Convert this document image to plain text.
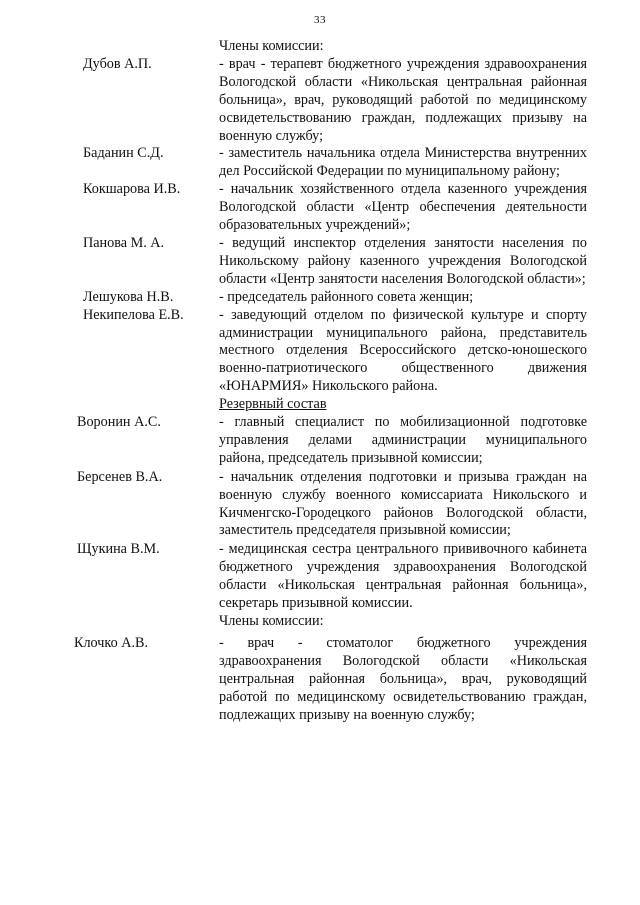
33
Члены комиссии:
Дубов А.П.	- врач - терапевт бюджетного учреждения здравоохранения Вологодской области «Никольская центральная районная больница», врач, руководящий работой по медицинскому освидетельствованию граждан, подлежащих призыву на военную службу;
Баданин С.Д.	- заместитель начальника отдела Министерства внутренних дел Российской Федерации по муниципальному району;
Кокшарова И.В.	- начальник хозяйственного отдела казенного учреждения Вологодской области «Центр обеспечения деятельности образовательных учреждений»;
Панова М. А.	- ведущий инспектор отделения занятости населения по Никольскому району казенного учреждения Вологодской области «Центр занятости населения Вологодской области»;
Лешукова Н.В.	- председатель районного совета женщин;
Некипелова Е.В. - заведующий отделом по физической культуре и спорту администрации муниципального района, представитель местного отделения Всероссийского детско-юношеского военно-патриотического общественного движения «ЮНАРМИЯ» Никольского района.
Резервный состав
Воронин А.С.	- главный специалист по мобилизационной подготовке управления делами администрации муниципального района, председатель призывной комиссии;
Берсенев В.А.	- начальник отделения подготовки и призыва граждан на военную службу военного комиссариата Никольского и Кичменгско-Городецкого районов Вологодской области, заместитель председателя призывной комиссии;
Щукина В.М.	- медицинская сестра центрального прививочного кабинета бюджетного учреждения здравоохранения Вологодской области «Никольская центральная районная больница», секретарь призывной комиссии.
Члены комиссии:
Клочко А.В.	- врач - стоматолог бюджетного учреждения здравоохранения Вологодской области «Никольская центральная районная больница», врач, руководящий работой по медицинскому освидетельствованию граждан, подлежащих призыву на военную службу;
